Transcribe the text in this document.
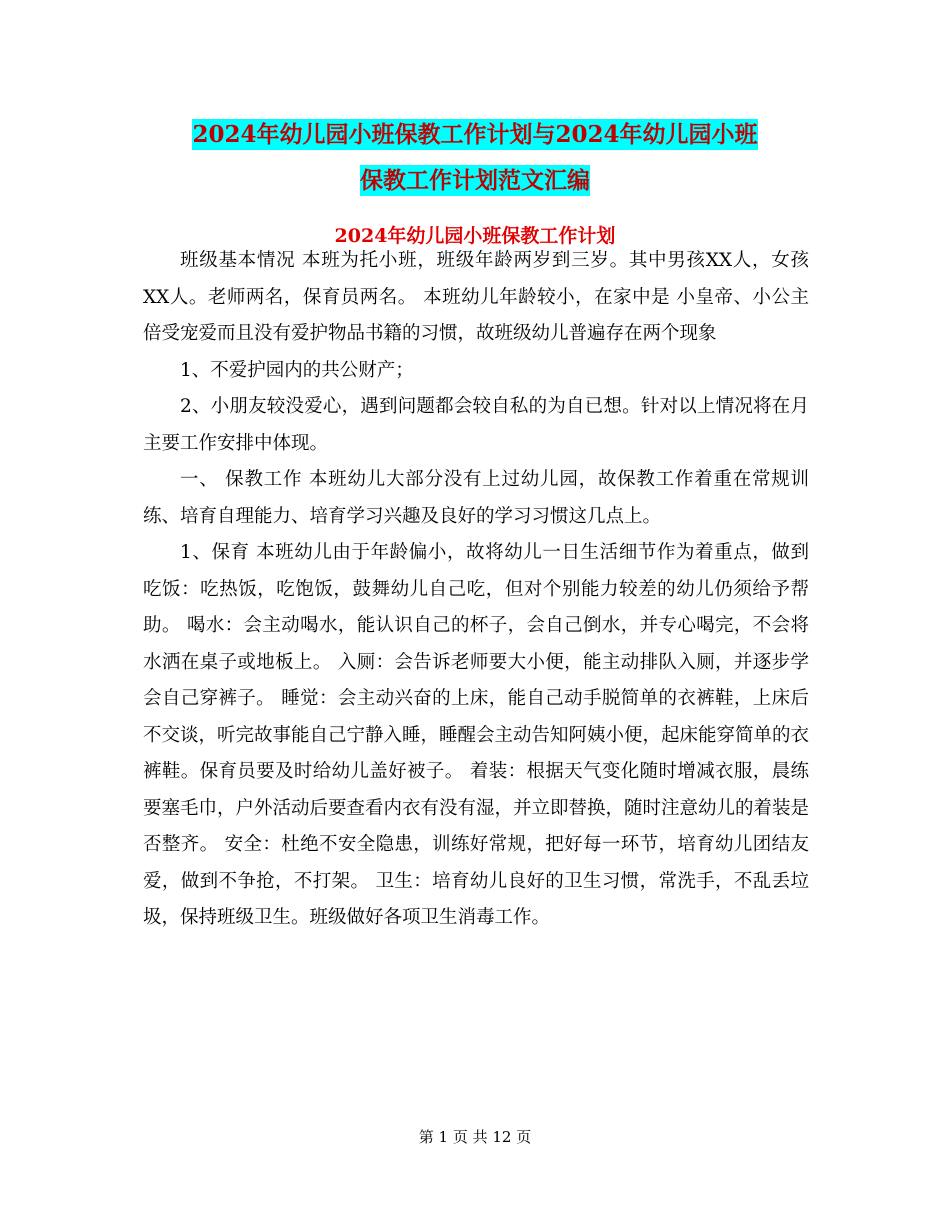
2024年幼儿园小班保教工作计划与2024年幼儿园小班
保教工作计划范文汇编
2024年幼儿园小班保教工作计划

班级基本情况 本班为托小班，班级年龄两岁到三岁。其中男孩XX人，女孩XX人。老师两名，保育员两名。 本班幼儿年龄较小，在家中是 小皇帝、小公主 倍受宠爱而且没有爱护物品书籍的习惯，故班级幼儿普遍存在两个现象

1、不爱护园内的共公财产；

2、小朋友较没爱心，遇到问题都会较自私的为自已想。针对以上情况将在月主要工作安排中体现。

一、 保教工作 本班幼儿大部分没有上过幼儿园，故保教工作着重在常规训练、培育自理能力、培育学习兴趣及良好的学习习惯这几点上。

1、保育 本班幼儿由于年龄偏小，故将幼儿一日生活细节作为着重点，做到 吃饭：吃热饭，吃饱饭，鼓舞幼儿自己吃，但对个别能力较差的幼儿仍须给予帮助。 喝水：会主动喝水，能认识自己的杯子，会自己倒水，并专心喝完，不会将水洒在桌子或地板上。 入厕：会告诉老师要大小便，能主动排队入厕，并逐步学会自己穿裤子。 睡觉：会主动兴奋的上床，能自己动手脱简单的衣裤鞋，上床后不交谈，听完故事能自己宁静入睡，睡醒会主动告知阿姨小便，起床能穿简单的衣裤鞋。保育员要及时给幼儿盖好被子。 着装：根据天气变化随时增减衣服，晨练要塞毛巾，户外活动后要查看内衣有没有湿，并立即替换，随时注意幼儿的着装是否整齐。 安全：杜绝不安全隐患，训练好常规，把好每一环节，培育幼儿团结友爱，做到不争抢，不打架。 卫生：培育幼儿良好的卫生习惯，常洗手，不乱丢垃圾，保持班级卫生。班级做好各项卫生消毒工作。

第 1 页 共 12 页
